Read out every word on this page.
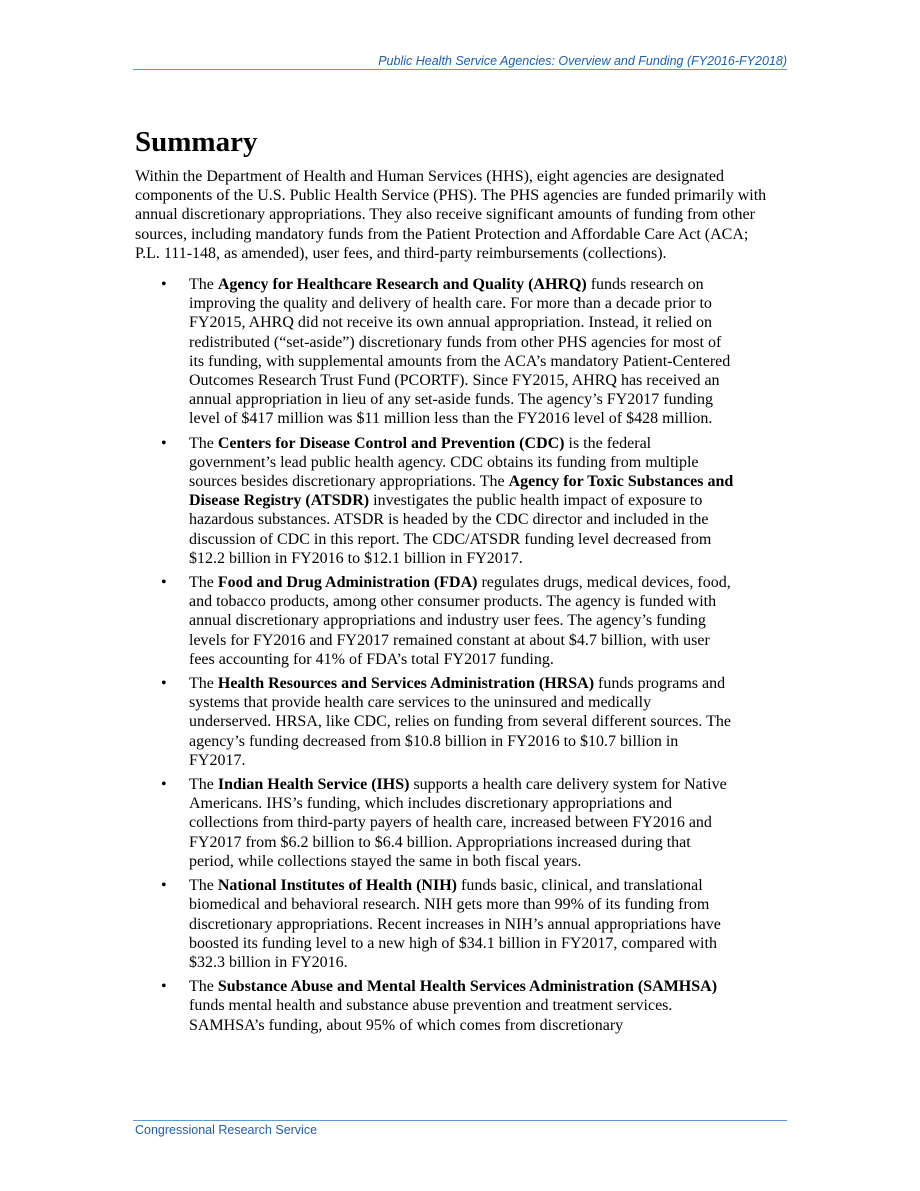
Public Health Service Agencies: Overview and Funding (FY2016-FY2018)
Summary

Within the Department of Health and Human Services (HHS), eight agencies are designated components of the U.S. Public Health Service (PHS). The PHS agencies are funded primarily with annual discretionary appropriations. They also receive significant amounts of funding from other sources, including mandatory funds from the Patient Protection and Affordable Care Act (ACA; P.L. 111-148, as amended), user fees, and third-party reimbursements (collections).

• The Agency for Healthcare Research and Quality (AHRQ) funds research on improving the quality and delivery of health care. For more than a decade prior to FY2015, AHRQ did not receive its own annual appropriation. Instead, it relied on redistributed (“set-aside”) discretionary funds from other PHS agencies for most of its funding, with supplemental amounts from the ACA’s mandatory Patient-Centered Outcomes Research Trust Fund (PCORTF). Since FY2015, AHRQ has received an annual appropriation in lieu of any set-aside funds. The agency’s FY2017 funding level of $417 million was $11 million less than the FY2016 level of $428 million.
• The Centers for Disease Control and Prevention (CDC) is the federal government’s lead public health agency. CDC obtains its funding from multiple sources besides discretionary appropriations. The Agency for Toxic Substances and Disease Registry (ATSDR) investigates the public health impact of exposure to hazardous substances. ATSDR is headed by the CDC director and included in the discussion of CDC in this report. The CDC/ATSDR funding level decreased from $12.2 billion in FY2016 to $12.1 billion in FY2017.
• The Food and Drug Administration (FDA) regulates drugs, medical devices, food, and tobacco products, among other consumer products. The agency is funded with annual discretionary appropriations and industry user fees. The agency’s funding levels for FY2016 and FY2017 remained constant at about $4.7 billion, with user fees accounting for 41% of FDA’s total FY2017 funding.
• The Health Resources and Services Administration (HRSA) funds programs and systems that provide health care services to the uninsured and medically underserved. HRSA, like CDC, relies on funding from several different sources. The agency’s funding decreased from $10.8 billion in FY2016 to $10.7 billion in FY2017.
• The Indian Health Service (IHS) supports a health care delivery system for Native Americans. IHS’s funding, which includes discretionary appropriations and collections from third-party payers of health care, increased between FY2016 and FY2017 from $6.2 billion to $6.4 billion. Appropriations increased during that period, while collections stayed the same in both fiscal years.
• The National Institutes of Health (NIH) funds basic, clinical, and translational biomedical and behavioral research. NIH gets more than 99% of its funding from discretionary appropriations. Recent increases in NIH’s annual appropriations have boosted its funding level to a new high of $34.1 billion in FY2017, compared with $32.3 billion in FY2016.
• The Substance Abuse and Mental Health Services Administration (SAMHSA) funds mental health and substance abuse prevention and treatment services. SAMHSA’s funding, about 95% of which comes from discretionary
Congressional Research Service
